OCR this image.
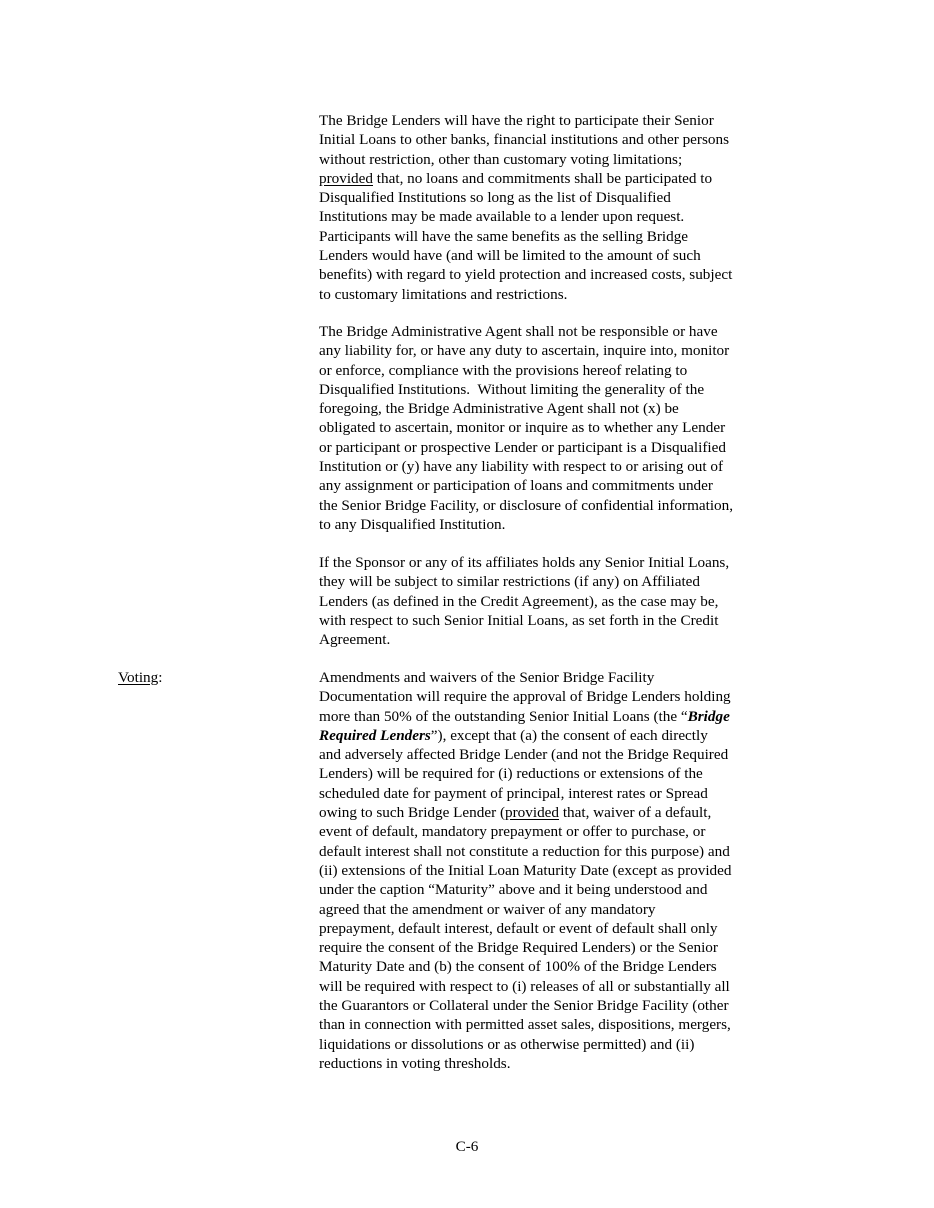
The Bridge Lenders will have the right to participate their Senior
Initial Loans to other banks, financial institutions and other persons
without restriction, other than customary voting limitations;
provided that, no loans and commitments shall be participated to
Disqualified Institutions so long as the list of Disqualified
Institutions may be made available to a lender upon request.
Participants will have the same benefits as the selling Bridge
Lenders would have (and will be limited to the amount of such
benefits) with regard to yield protection and increased costs, subject
to customary limitations and restrictions.

The Bridge Administrative Agent shall not be responsible or have
any liability for, or have any duty to ascertain, inquire into, monitor
or enforce, compliance with the provisions hereof relating to
Disqualified Institutions.  Without limiting the generality of the
foregoing, the Bridge Administrative Agent shall not (x) be
obligated to ascertain, monitor or inquire as to whether any Lender
or participant or prospective Lender or participant is a Disqualified
Institution or (y) have any liability with respect to or arising out of
any assignment or participation of loans and commitments under
the Senior Bridge Facility, or disclosure of confidential information,
to any Disqualified Institution.

If the Sponsor or any of its affiliates holds any Senior Initial Loans,
they will be subject to similar restrictions (if any) on Affiliated
Lenders (as defined in the Credit Agreement), as the case may be,
with respect to such Senior Initial Loans, as set forth in the Credit
Agreement.

Voting:	Amendments and waivers of the Senior Bridge Facility
Documentation will require the approval of Bridge Lenders holding
more than 50% of the outstanding Senior Initial Loans (the “Bridge
Required Lenders”), except that (a) the consent of each directly
and adversely affected Bridge Lender (and not the Bridge Required
Lenders) will be required for (i) reductions or extensions of the
scheduled date for payment of principal, interest rates or Spread
owing to such Bridge Lender (provided that, waiver of a default,
event of default, mandatory prepayment or offer to purchase, or
default interest shall not constitute a reduction for this purpose) and
(ii) extensions of the Initial Loan Maturity Date (except as provided
under the caption “Maturity” above and it being understood and
agreed that the amendment or waiver of any mandatory
prepayment, default interest, default or event of default shall only
require the consent of the Bridge Required Lenders) or the Senior
Maturity Date and (b) the consent of 100% of the Bridge Lenders
will be required with respect to (i) releases of all or substantially all
the Guarantors or Collateral under the Senior Bridge Facility (other
than in connection with permitted asset sales, dispositions, mergers,
liquidations or dissolutions or as otherwise permitted) and (ii)
reductions in voting thresholds.

C-6
